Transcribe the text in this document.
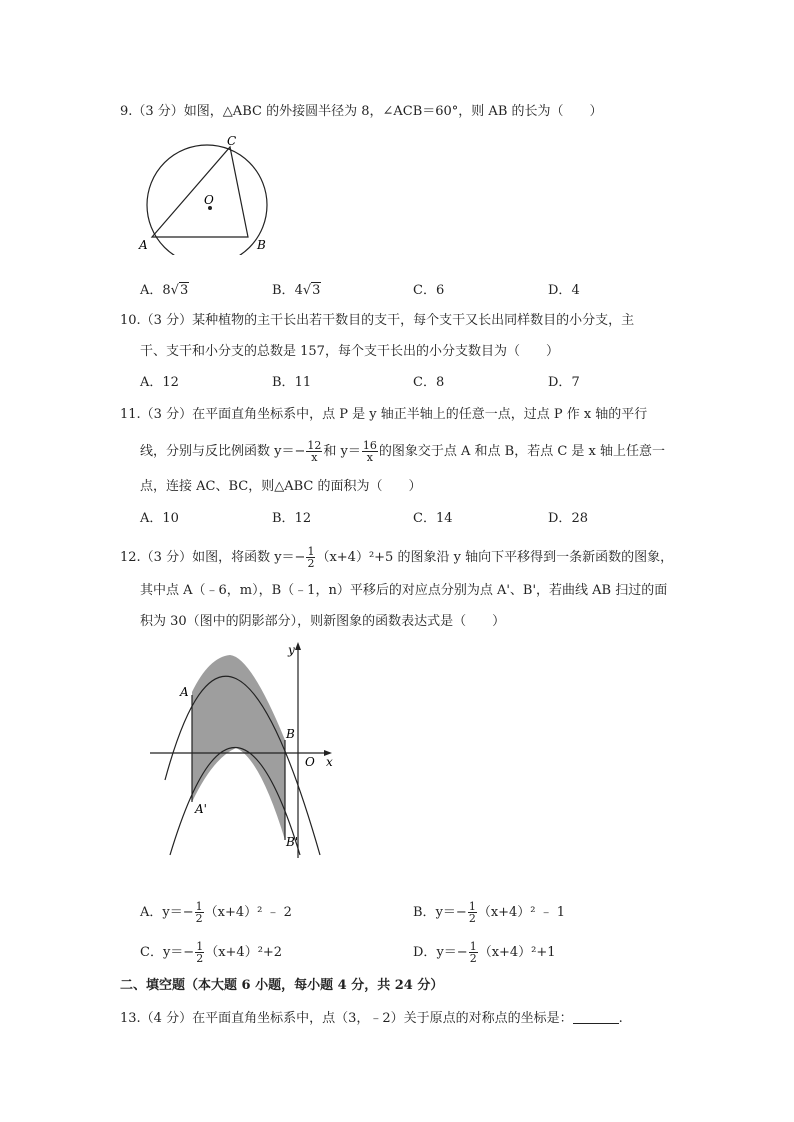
9.（3 分）如图，△ABC 的外接圆半径为 8，∠ACB＝60°，则 AB 的长为（　　）
C
O
A	B
A．8√3	B．4√3	C．6	D．4
10.（3 分）某种植物的主干长出若干数目的支干，每个支干又长出同样数目的小分支，主
干、支干和小分支的总数是 157，每个支干长出的小分支数目为（　　）
A．12	B．11	C．8	D．7
11.（3 分）在平面直角坐标系中，点 P 是 y 轴正半轴上的任意一点，过点 P 作 x 轴的平行
线，分别与反比例函数 $y=- \frac{12}{x}$ 和 $y= \frac{16}{x}$ 的图象交于点 A 和点 B，若点 C 是 x 轴上任意一
点，连接 AC、BC，则△ABC 的面积为（　　）
A．10	B．12	C．14	D．28
12.（3 分）如图，将函数 $y=- \frac{1}{2} (x+4)^2+5$ 的图象沿 y 轴向下平移得到一条新函数的图象，
其中点 A（﹣6，m），B（﹣1，n）平移后的对应点分别为点 A'、B'，若曲线 AB 扫过的面
积为 30（图中的阴影部分），则新图象的函数表达式是（　　）
y
A
B
O x
A'
B'
A．$y=- \frac{1}{2} (x+4)^2$ ﹣ 2	B．$y=- \frac{1}{2} (x+4)^2$ ﹣ 1
C．$y=- \frac{1}{2} (x+4)^2+2$	D．$y=- \frac{1}{2} (x+4)^2+1$
二、填空题（本大题 6 小题，每小题 4 分，共 24 分）
13.（4 分）在平面直角坐标系中，点（3，﹣2）关于原点的对称点的坐标是：	.
